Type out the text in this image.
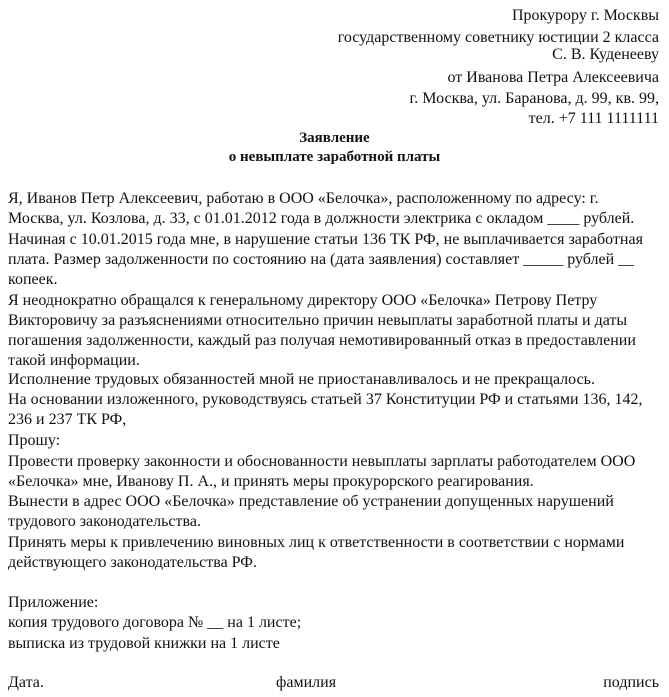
Прокурору г. Москвы
государственному советнику юстиции 2 класса
С. В. Куденееву
от Иванова Петра Алексеевича
г. Москва, ул. Баранова, д. 99, кв. 99,
тел. +7 111 1111111
Заявление
о невыплате заработной платы
Я, Иванов Петр Алексеевич, работаю в ООО «Белочка», расположенному по адресу: г.
Москва, ул. Козлова, д. 33, с 01.01.2012 года в должности электрика с окладом ____ рублей.
Начиная с 10.01.2015 года мне, в нарушение статьи 136 ТК РФ, не выплачивается заработная
плата. Размер задолженности по состоянию на (дата заявления) составляет _____ рублей __
копеек.
Я неоднократно обращался к генеральному директору ООО «Белочка» Петрову Петру
Викторовичу за разъяснениями относительно причин невыплаты заработной платы и даты
погашения задолженности, каждый раз получая немотивированный отказ в предоставлении
такой информации.
Исполнение трудовых обязанностей мной не приостанавливалось и не прекращалось.
На основании изложенного, руководствуясь статьей 37 Конституции РФ и статьями 136, 142,
236 и 237 ТК РФ,
Прошу:
Провести проверку законности и обоснованности невыплаты зарплаты работодателем ООО
«Белочка» мне, Иванову П. А., и принять меры прокурорского реагирования.
Вынести в адрес ООО «Белочка» представление об устранении допущенных нарушений
трудового законодательства.
Принять меры к привлечению виновных лиц к ответственности в соответствии с нормами
действующего законодательства РФ.
Приложение:
копия трудового договора № __ на 1 листе;
выписка из трудовой книжки на 1 листе
Дата.	фамилия	подпись
